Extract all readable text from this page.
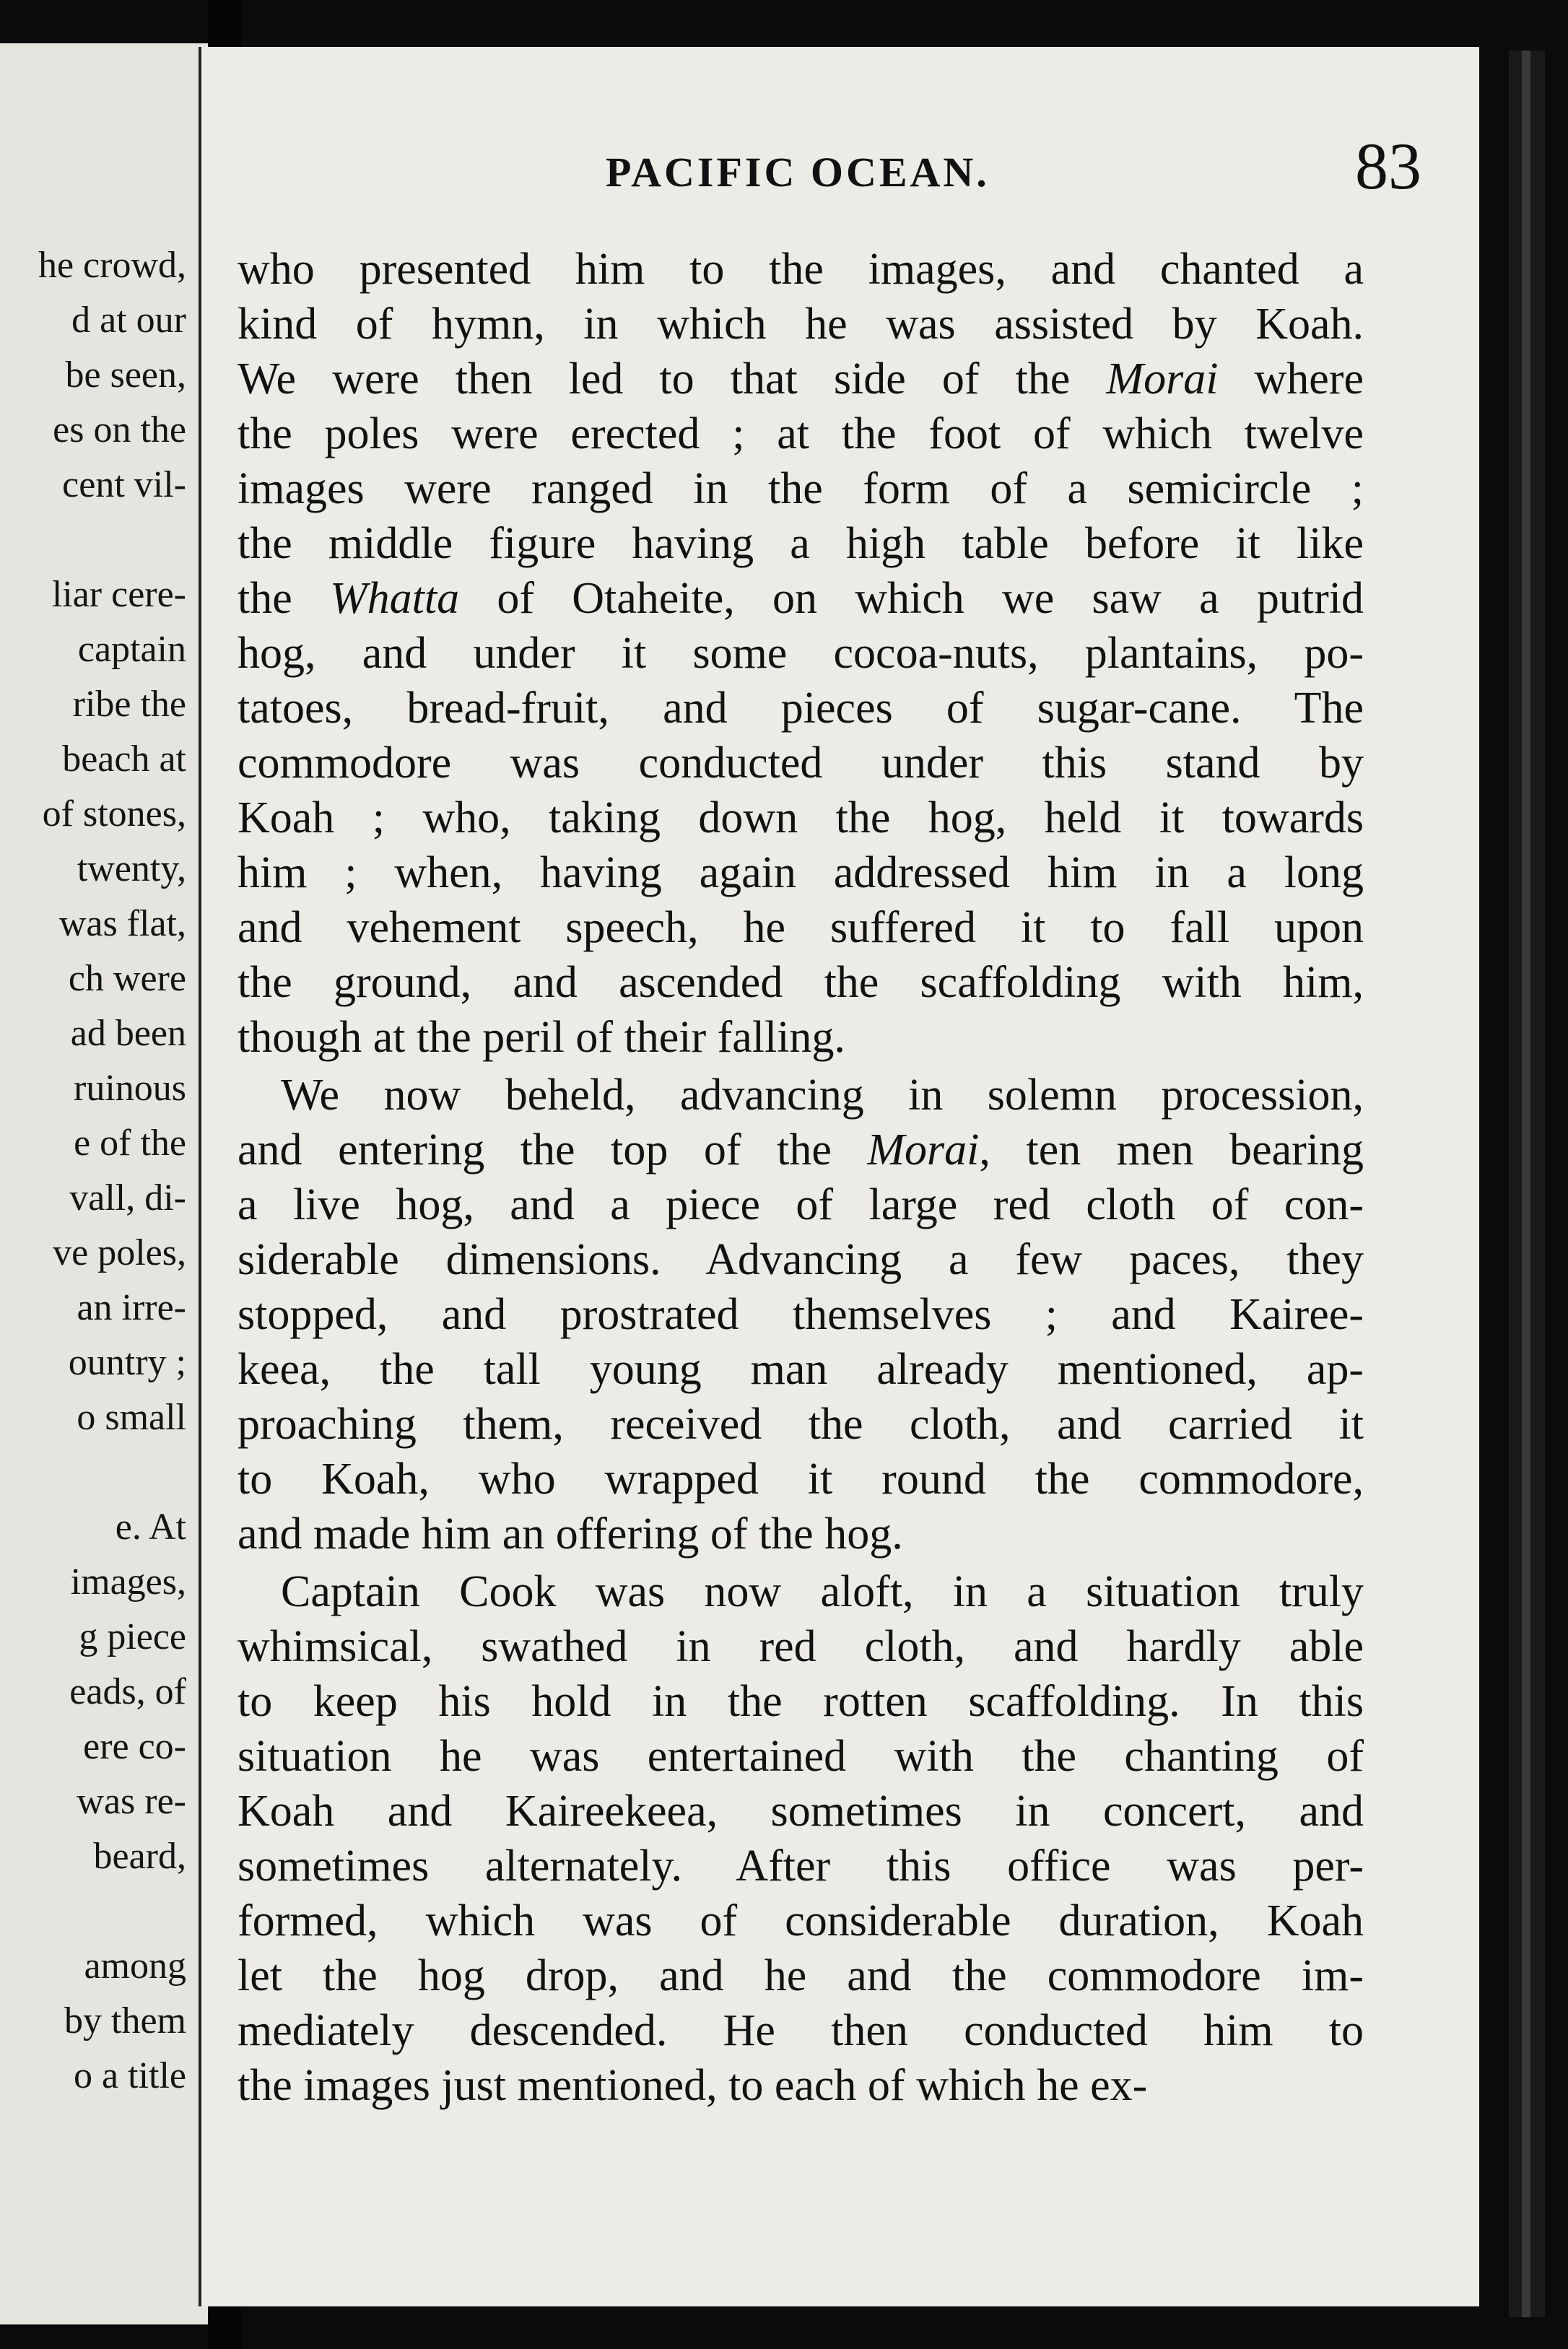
he crowd,
d at our
be seen,
es on the
cent vil-
liar cere-
captain
ribe the
beach at
of stones,
twenty,
was flat,
ch were
ad been
ruinous
e of the
vall, di-
ve poles,
an irre-
ountry ;
o small
e. At
images,
g piece
eads, of
ere co-
was re-
beard,
among
by them
o a title
PACIFIC OCEAN.	83
who presented him to the images, and chanted a
kind of hymn, in which he was assisted by Koah.
We were then led to that side of the Morai where
the poles were erected ; at the foot of which twelve
images were ranged in the form of a semicircle ;
the middle figure having a high table before it like
the Whatta of Otaheite, on which we saw a putrid
hog, and under it some cocoa-nuts, plantains, po-
tatoes, bread-fruit, and pieces of sugar-cane. The
commodore was conducted under this stand by
Koah ; who, taking down the hog, held it towards
him ; when, having again addressed him in a long
and vehement speech, he suffered it to fall upon
the ground, and ascended the scaffolding with him,
though at the peril of their falling.
We now beheld, advancing in solemn procession,
and entering the top of the Morai, ten men bearing
a live hog, and a piece of large red cloth of con-
siderable dimensions. Advancing a few paces, they
stopped, and prostrated themselves ; and Kairee-
keea, the tall young man already mentioned, ap-
proaching them, received the cloth, and carried it
to Koah, who wrapped it round the commodore,
and made him an offering of the hog.
Captain Cook was now aloft, in a situation truly
whimsical, swathed in red cloth, and hardly able
to keep his hold in the rotten scaffolding. In this
situation he was entertained with the chanting of
Koah and Kaireekeea, sometimes in concert, and
sometimes alternately. After this office was per-
formed, which was of considerable duration, Koah
let the hog drop, and he and the commodore im-
mediately descended. He then conducted him to
the images just mentioned, to each of which he ex-
